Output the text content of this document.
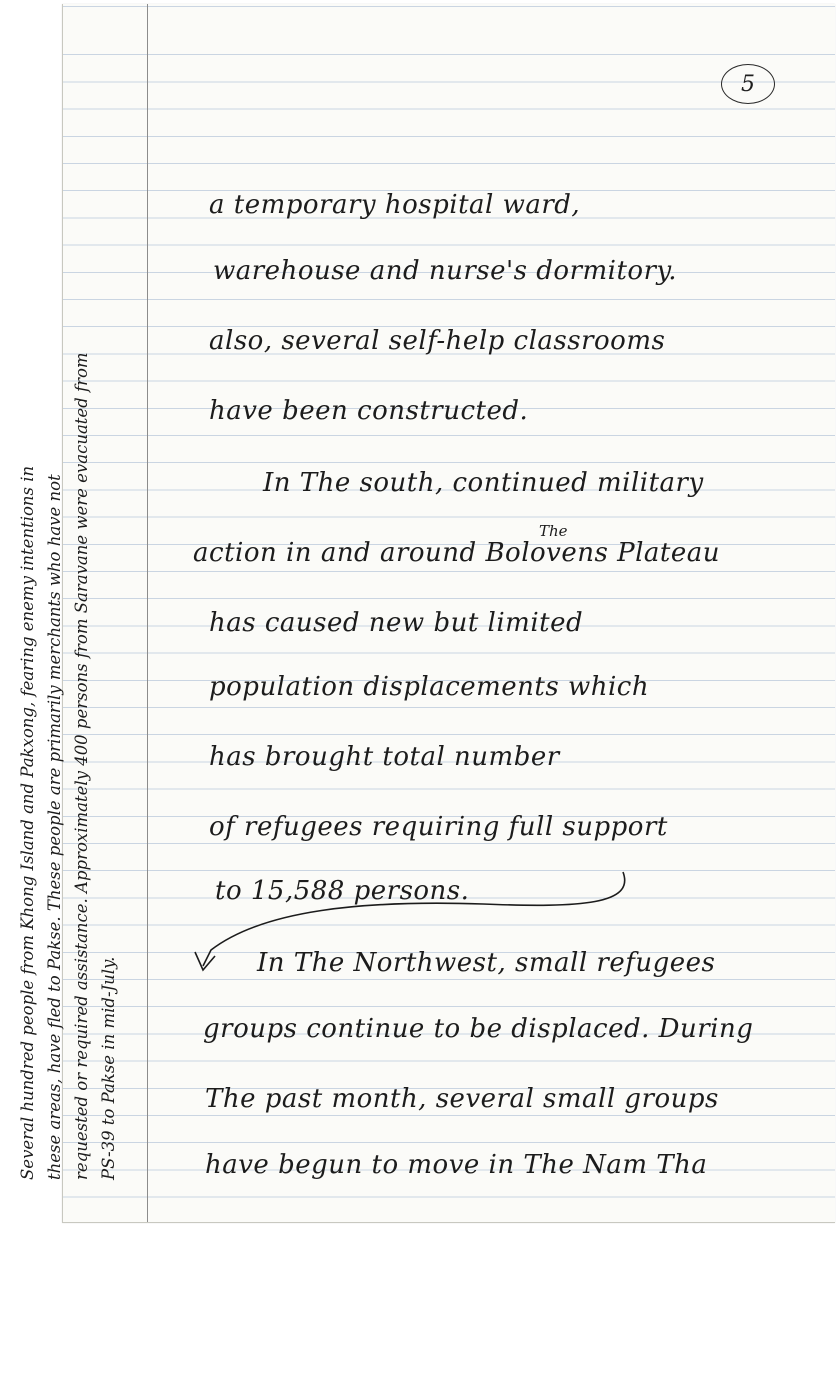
5
a temporary hospital ward,
warehouse and nurse's dormitory.
also, several self-help classrooms
have been constructed.
In The south, continued military
The
action in and around Bolovens Plateau
has caused new but limited
population displacements which
has brought total number
of refugees requiring full support
to 15,588 persons.
In The Northwest, small refugees
groups continue to be displaced. During
The past month, several small groups
have begun to move in The Nam Tha
Several hundred people from Khong Island and Pakxong, fearing enemy intentions in these areas, have fled to Pakse. These people are primarily merchants who have not requested or required assistance. Approximately 400 persons from Saravane were evacuated from PS-39 to Pakse in mid-July.
